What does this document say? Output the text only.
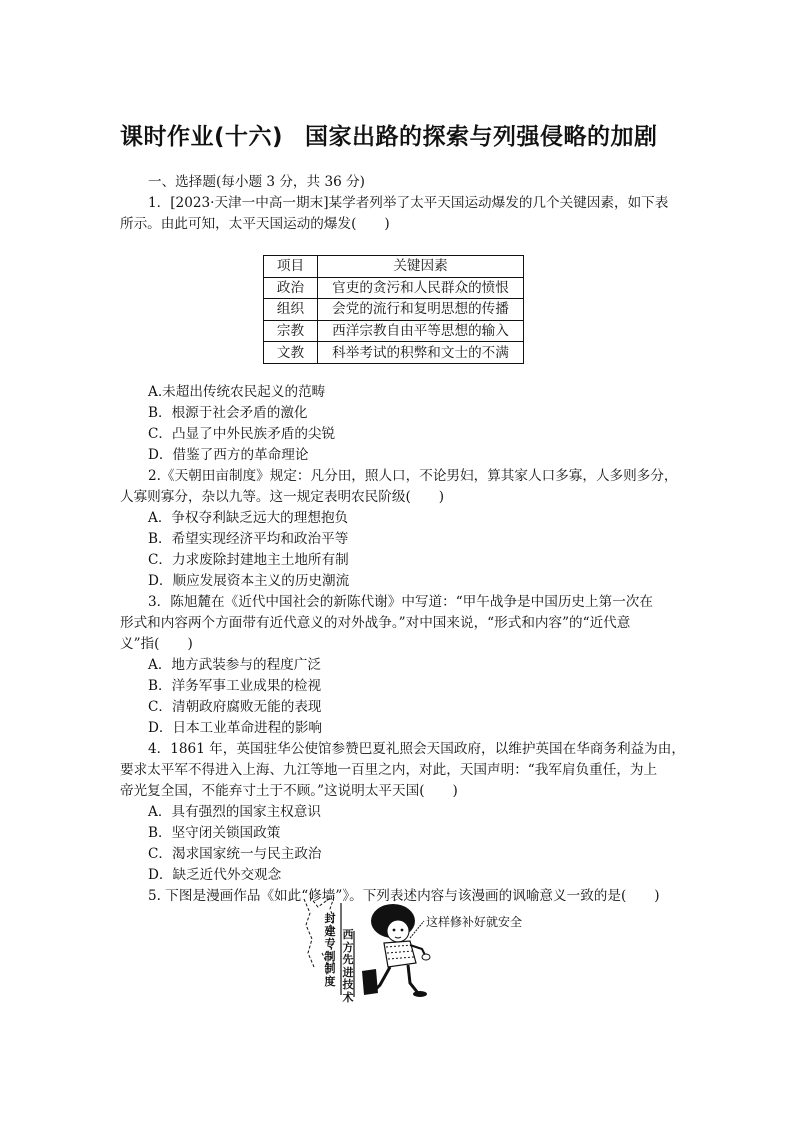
课时作业(十六) 国家出路的探索与列强侵略的加剧
一、选择题(每小题 3 分，共 36 分)
1．[2023·天津一中高一期末]某学者列举了太平天国运动爆发的几个关键因素，如下表
所示。由此可知，太平天国运动的爆发( )
A.未超出传统农民起义的范畴
B．根源于社会矛盾的激化
C．凸显了中外民族矛盾的尖锐
D．借鉴了西方的革命理论
2.《天朝田亩制度》规定：凡分田，照人口，不论男妇，算其家人口多寡，人多则多分，
人寡则寡分，杂以九等。这一规定表明农民阶级( )
A．争权夺利缺乏远大的理想抱负
B．希望实现经济平均和政治平等
C．力求废除封建地主土地所有制
D．顺应发展资本主义的历史潮流
3．陈旭麓在《近代中国社会的新陈代谢》中写道：“甲午战争是中国历史上第一次在
形式和内容两个方面带有近代意义的对外战争。”对中国来说，“形式和内容”的“近代意
义”指( )
A．地方武装参与的程度广泛
B．洋务军事工业成果的检视
C．清朝政府腐败无能的表现
D．日本工业革命进程的影响
4．1861 年，英国驻华公使馆参赞巴夏礼照会天国政府，以维护英国在华商务利益为由，
要求太平军不得进入上海、九江等地一百里之内，对此，天国声明：“我军肩负重任，为上
帝光复全国，不能弃寸土于不顾。”这说明太平天国( )
A．具有强烈的国家主权意识
B．坚守闭关锁国政策
C．渴求国家统一与民主政治
D．缺乏近代外交观念
5. 下图是漫画作品《如此“修墙”》。下列表述内容与该漫画的讽喻意义一致的是( )
项目	关键因素
政治	官吏的贪污和人民群众的愤恨
组织	会党的流行和复明思想的传播
宗教	西洋宗教自由平等思想的输入
文教	科举考试的积弊和文士的不满
封建专制制度
西方先进技术
这样修补好就安全
